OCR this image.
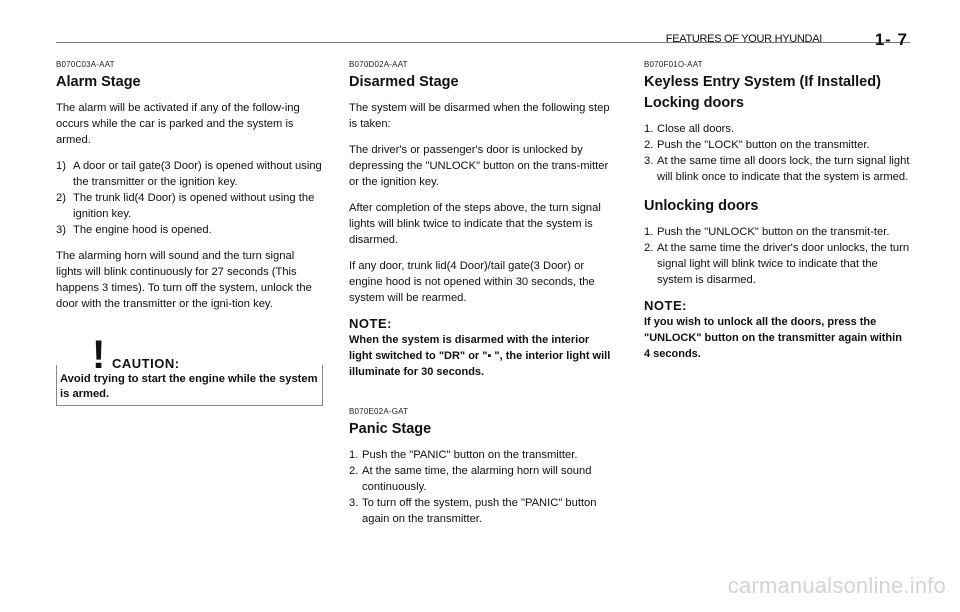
FEATURES OF YOUR HYUNDAI	1- 7
B070C03A-AAT
Alarm Stage
The alarm will be activated if any of the follow-ing occurs while the car is parked and the system is armed.
1) A door or tail gate(3 Door) is opened without using the transmitter or the ignition key.
2) The trunk lid(4 Door) is opened without using the ignition key.
3) The engine hood is opened.
The alarming horn will sound and the turn signal lights will blink continuously for 27 seconds (This happens 3 times). To turn off the system, unlock the door with the transmitter or the igni-tion key.
! CAUTION:
Avoid trying to start the engine while the system is armed.
B070D02A-AAT
Disarmed Stage
The system will be disarmed when the following step is taken:
The driver's or passenger's door is unlocked by depressing the "UNLOCK" button on the trans-mitter or the ignition key.
After completion of the steps above, the turn signal lights will blink twice to indicate that the system is disarmed.
If any door, trunk lid(4 Door)/tail gate(3 Door) or engine hood is not opened within 30 seconds, the system will be rearmed.
NOTE:
When the system is disarmed with the interior light switched to "DR" or "▪ ", the interior light will illuminate for 30 seconds.
B070E02A-GAT
Panic Stage
1. Push the "PANIC" button on the transmitter.
2. At the same time, the alarming horn will sound continuously.
3. To turn off the system, push the "PANIC" button again on the transmitter.
B070F01O-AAT
Keyless Entry System (If Installed)
Locking doors
1. Close all doors.
2. Push the "LOCK" button on the transmitter.
3. At the same time all doors lock, the turn signal light will blink once to indicate that the system is armed.
Unlocking doors
1. Push the "UNLOCK" button on the transmit-ter.
2. At the same time the driver's door unlocks, the turn signal light will blink twice to indicate that the system is disarmed.
NOTE:
If you wish to unlock all the doors, press the "UNLOCK" button on the transmitter again within 4 seconds.
carmanualsonline.info
